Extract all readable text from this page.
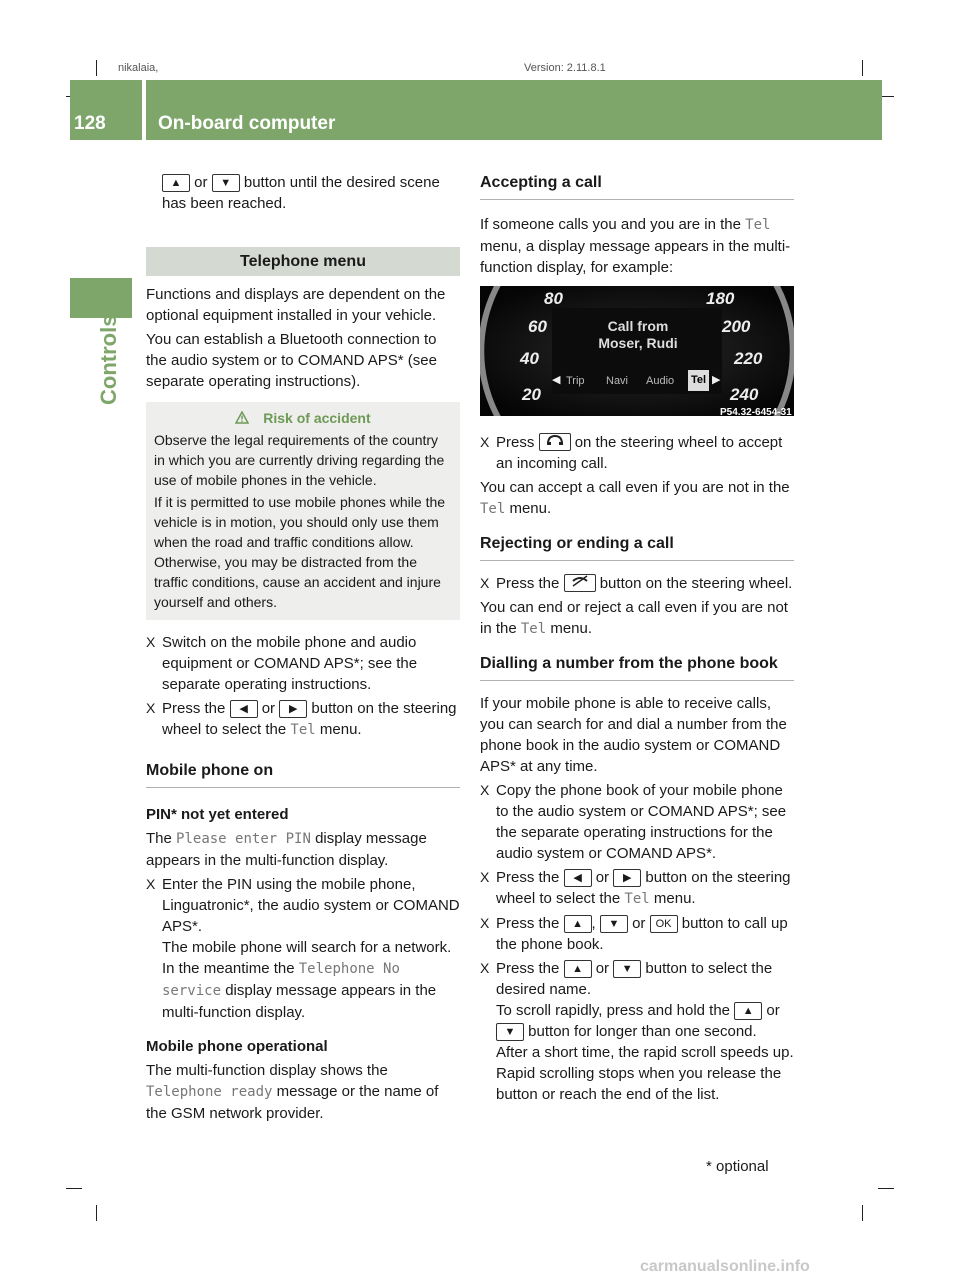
nikalaia,	Version: 2.11.8.1
128	On-board computer
Controls

▲ or ▼ button until the desired scene has been reached.

Telephone menu

Functions and displays are dependent on the optional equipment installed in your vehicle.

You can establish a Bluetooth connection to the audio system or to COMAND APS* (see separate operating instructions).

Risk of accident

Observe the legal requirements of the country in which you are currently driving regarding the use of mobile phones in the vehicle.

If it is permitted to use mobile phones while the vehicle is in motion, you should only use them when the road and traffic conditions allow. Otherwise, you may be distracted from the traffic conditions, cause an accident and injure yourself and others.

X Switch on the mobile phone and audio equipment or COMAND APS*; see the separate operating instructions.
X Press the ◀ or ▶ button on the steering wheel to select the Tel menu.
Mobile phone on
PIN* not yet entered

The Please enter PIN display message appears in the multi-function display.

X Enter the PIN using the mobile phone, Linguatronic*, the audio system or COMAND APS*.
The mobile phone will search for a network. In the meantime the Telephone No service display message appears in the multi-function display.
Mobile phone operational

The multi-function display shows the Telephone ready message or the name of the GSM network provider.

Accepting a call

If someone calls you and you are in the Tel menu, a display message appears in the multi-function display, for example:

80
60
40
20
180
200
220
240
Call from
Moser, Rudi
◀ Trip Navi Audio Tel ▶
P54.32-6454-31
X Press	on the steering wheel to accept an incoming call.

You can accept a call even if you are not in the Tel menu.

Rejecting or ending a call
X Press the	button on the steering wheel.

You can end or reject a call even if you are not in the Tel menu.

Dialling a number from the phone book

If your mobile phone is able to receive calls, you can search for and dial a number from the phone book in the audio system or COMAND APS* at any time.

X Copy the phone book of your mobile phone to the audio system or COMAND APS*; see the separate operating instructions for the audio system or COMAND APS*.
X Press the ◀ or ▶ button on the steering wheel to select the Tel menu.
X Press the ▲ , ▼ or OK button to call up the phone book.
X Press the ▲ or ▼ button to select the desired name.
To scroll rapidly, press and hold the ▲ or ▼ button for longer than one second.
After a short time, the rapid scroll speeds up.
Rapid scrolling stops when you release the button or reach the end of the list.
* optional
carmanualsonline.info
